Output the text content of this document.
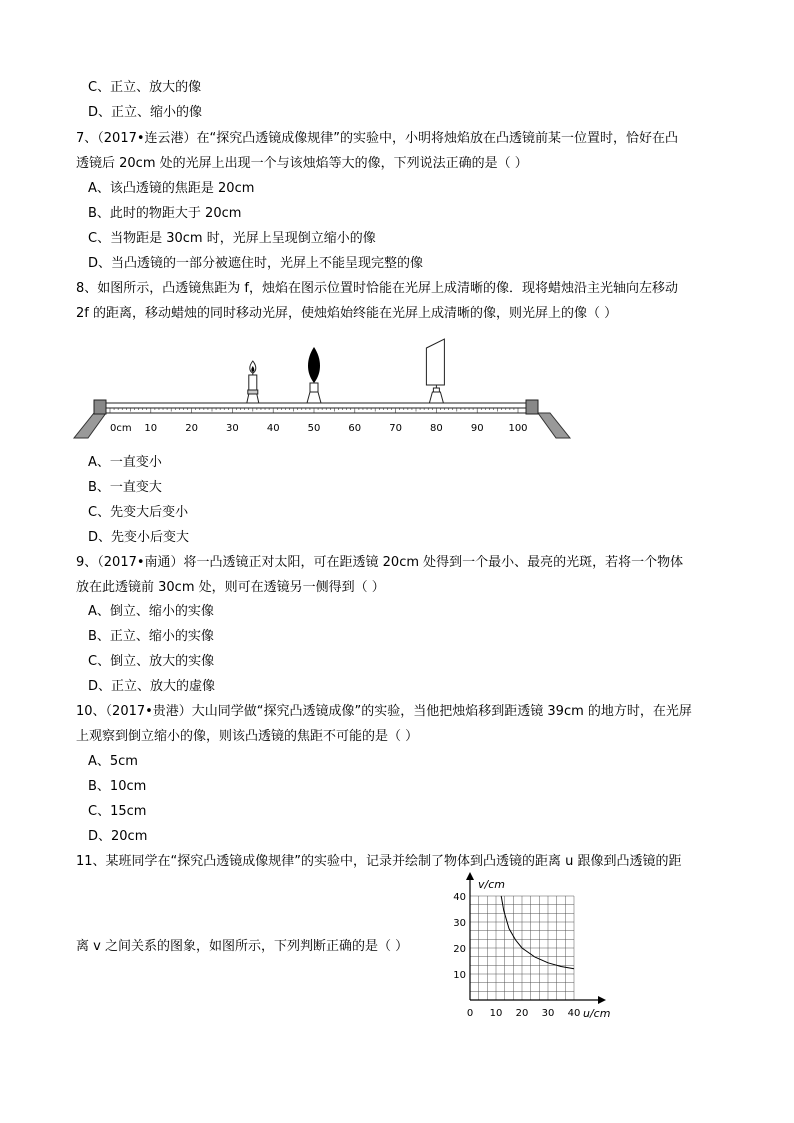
C、正立、放大的像
D、正立、缩小的像
7、（2017•连云港）在“探究凸透镜成像规律”的实验中，小明将烛焰放在凸透镜前某一位置时，恰好在凸
透镜后 20cm 处的光屏上出现一个与该烛焰等大的像，下列说法正确的是（ ）
A、该凸透镜的焦距是 20cm
B、此时的物距大于 20cm
C、当物距是 30cm 时，光屏上呈现倒立缩小的像
D、当凸透镜的一部分被遮住时，光屏上不能呈现完整的像
8、如图所示，凸透镜焦距为 f，烛焰在图示位置时恰能在光屏上成清晰的像．现将蜡烛沿主光轴向左移动
2f 的距离，移动蜡烛的同时移动光屏，使烛焰始终能在光屏上成清晰的像，则光屏上的像（ ）
0cm 10	20	30	40	50	60	70	80	90 100
A、一直变小
B、一直变大
C、先变大后变小
D、先变小后变大
9、（2017•南通）将一凸透镜正对太阳，可在距透镜 20cm 处得到一个最小、最亮的光斑，若将一个物体
放在此透镜前 30cm 处，则可在透镜另一侧得到（ ）
A、倒立、缩小的实像
B、正立、缩小的实像
C、倒立、放大的实像
D、正立、放大的虚像
10、（2017•贵港）大山同学做“探究凸透镜成像”的实验，当他把烛焰移到距透镜 39cm 的地方时，在光屏
上观察到倒立缩小的像，则该凸透镜的焦距不可能的是（ ）
A、5cm
B、10cm
C、15cm
D、20cm
11、某班同学在“探究凸透镜成像规律”的实验中，记录并绘制了物体到凸透镜的距离 u 跟像到凸透镜的距
离 v 之间关系的图象，如图所示，下列判断正确的是（ ）
0 10 20 30 40
10
20
30
40
v/cm
u/cm
